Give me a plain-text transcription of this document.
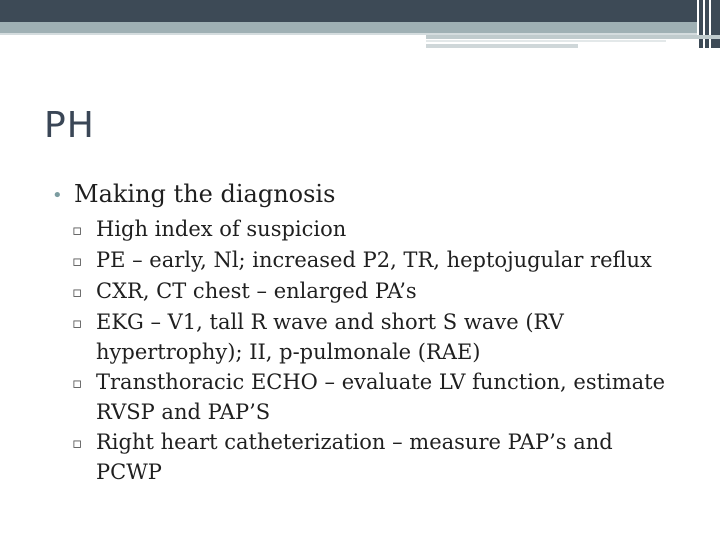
PH
• Making the diagnosis
▫ High index of suspicion
▫ PE – early, Nl; increased P2, TR, heptojugular reflux
▫ CXR, CT chest – enlarged PA’s
▫ EKG – V1, tall R wave and short S wave (RV hypertrophy); II, p-pulmonale (RAE)
▫ Transthoracic ECHO – evaluate LV function, estimate RVSP and PAP’S
▫ Right heart catheterization – measure PAP’s and PCWP
